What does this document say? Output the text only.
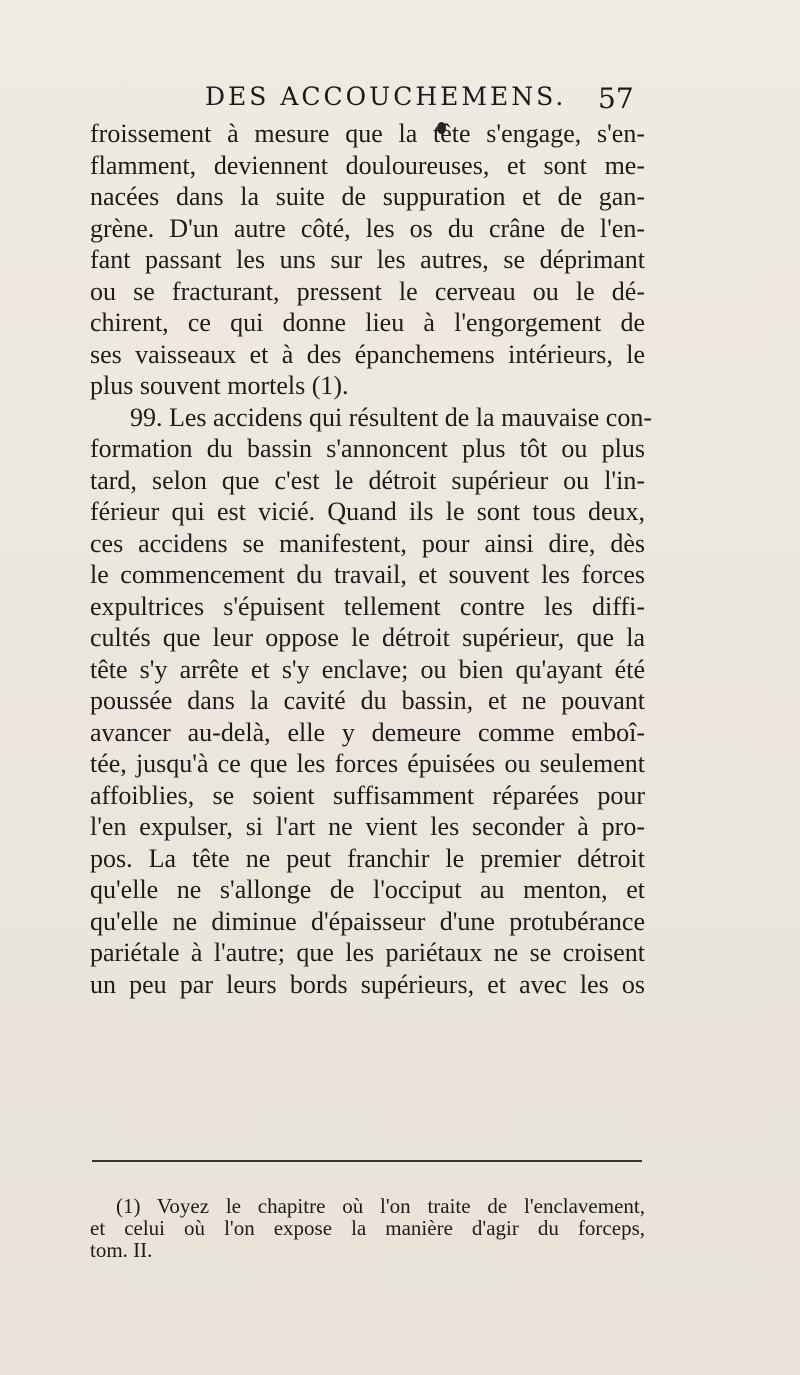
DES ACCOUCHEMENS. 57
froissement à mesure que la tête s'engage, s'en-
flamment, deviennent douloureuses, et sont me-
nacées dans la suite de suppuration et de gan-
grène. D'un autre côté, les os du crâne de l'en-
fant passant les uns sur les autres, se déprimant
ou se fracturant, pressent le cerveau ou le dé-
chirent, ce qui donne lieu à l'engorgement de
ses vaisseaux et à des épanchemens intérieurs, le
plus souvent mortels (1).
99. Les accidens qui résultent de la mauvaise con-
formation du bassin s'annoncent plus tôt ou plus
tard, selon que c'est le détroit supérieur ou l'in-
férieur qui est vicié. Quand ils le sont tous deux,
ces accidens se manifestent, pour ainsi dire, dès
le commencement du travail, et souvent les forces
expultrices s'épuisent tellement contre les diffi-
cultés que leur oppose le détroit supérieur, que la
tête s'y arrête et s'y enclave; ou bien qu'ayant été
poussée dans la cavité du bassin, et ne pouvant
avancer au-delà, elle y demeure comme emboî-
tée, jusqu'à ce que les forces épuisées ou seulement
affoiblies, se soient suffisamment réparées pour
l'en expulser, si l'art ne vient les seconder à pro-
pos. La tête ne peut franchir le premier détroit
qu'elle ne s'allonge de l'occiput au menton, et
qu'elle ne diminue d'épaisseur d'une protubérance
pariétale à l'autre; que les pariétaux ne se croisent
un peu par leurs bords supérieurs, et avec les os
(1) Voyez le chapitre où l'on traite de l'enclavement,
et celui où l'on expose la manière d'agir du forceps,
tom. II.
